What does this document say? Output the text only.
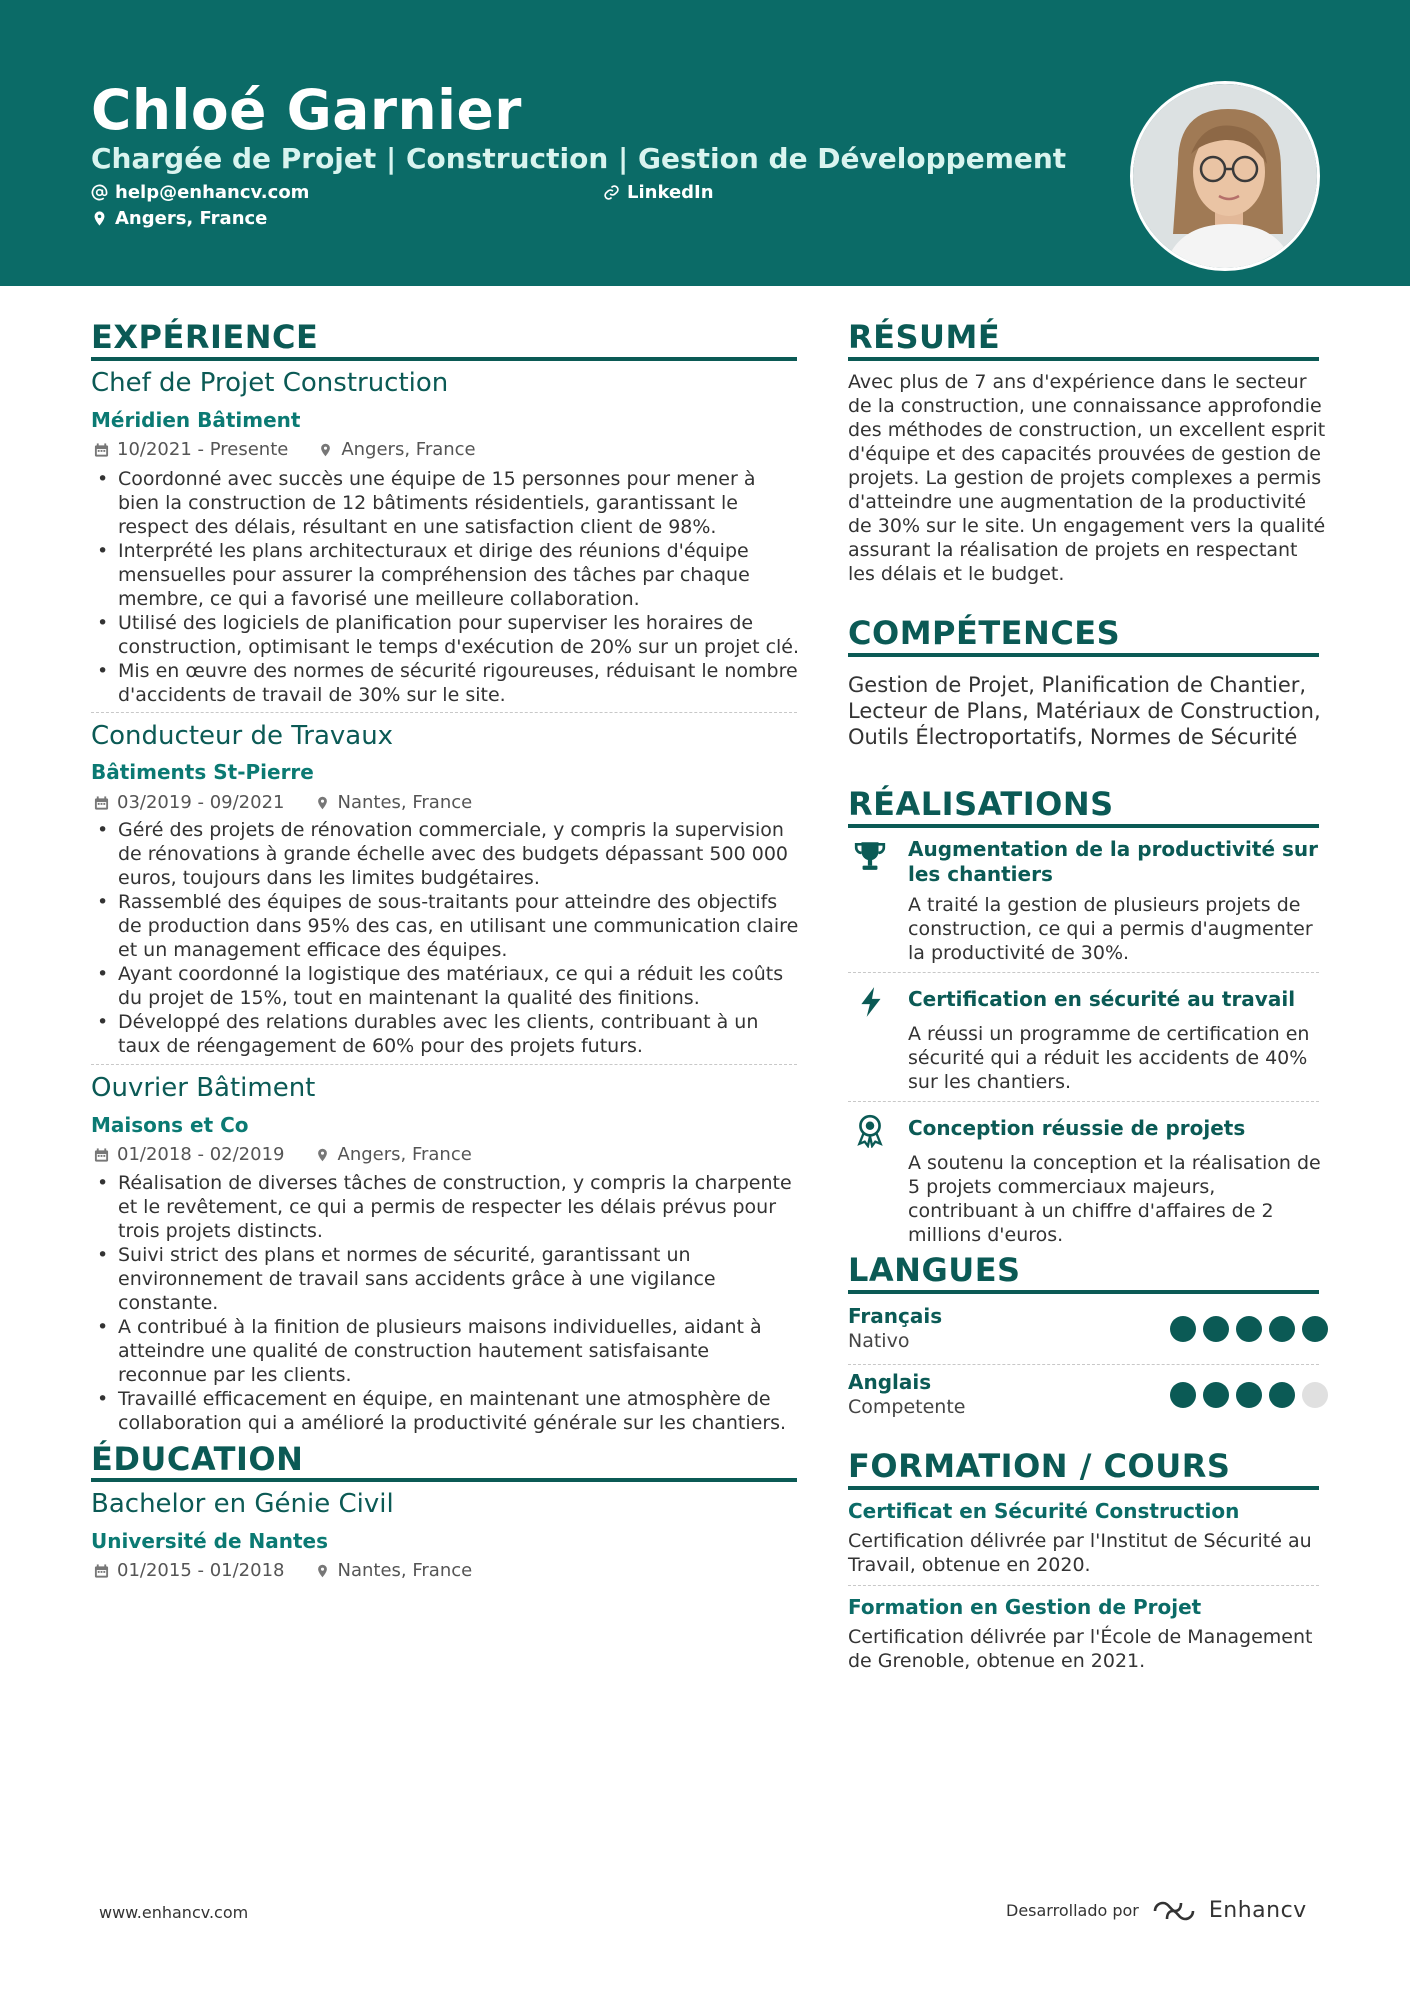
Chloé Garnier
Chargée de Projet | Construction | Gestion de Développement
help@enhancv.com	LinkedIn
Angers, France
EXPÉRIENCE
Chef de Projet Construction
Méridien Bâtiment
10/2021 - Presente	Angers, France
• Coordonné avec succès une équipe de 15 personnes pour mener à bien la construction de 12 bâtiments résidentiels, garantissant le respect des délais, résultant en une satisfaction client de 98%.
• Interprété les plans architecturaux et dirige des réunions d'équipe mensuelles pour assurer la compréhension des tâches par chaque membre, ce qui a favorisé une meilleure collaboration.
• Utilisé des logiciels de planification pour superviser les horaires de construction, optimisant le temps d'exécution de 20% sur un projet clé.
• Mis en œuvre des normes de sécurité rigoureuses, réduisant le nombre d'accidents de travail de 30% sur le site.
Conducteur de Travaux
Bâtiments St-Pierre
03/2019 - 09/2021	Nantes, France
• Géré des projets de rénovation commerciale, y compris la supervision de rénovations à grande échelle avec des budgets dépassant 500 000 euros, toujours dans les limites budgétaires.
• Rassemblé des équipes de sous-traitants pour atteindre des objectifs de production dans 95% des cas, en utilisant une communication claire et un management efficace des équipes.
• Ayant coordonné la logistique des matériaux, ce qui a réduit les coûts du projet de 15%, tout en maintenant la qualité des finitions.
• Développé des relations durables avec les clients, contribuant à un taux de réengagement de 60% pour des projets futurs.
Ouvrier Bâtiment
Maisons et Co
01/2018 - 02/2019	Angers, France
• Réalisation de diverses tâches de construction, y compris la charpente et le revêtement, ce qui a permis de respecter les délais prévus pour trois projets distincts.
• Suivi strict des plans et normes de sécurité, garantissant un environnement de travail sans accidents grâce à une vigilance constante.
• A contribué à la finition de plusieurs maisons individuelles, aidant à atteindre une qualité de construction hautement satisfaisante reconnue par les clients.
• Travaillé efficacement en équipe, en maintenant une atmosphère de collaboration qui a amélioré la productivité générale sur les chantiers.
ÉDUCATION
Bachelor en Génie Civil
Université de Nantes
01/2015 - 01/2018	Nantes, France
RÉSUMÉ
Avec plus de 7 ans d'expérience dans le secteur de la construction, une connaissance approfondie des méthodes de construction, un excellent esprit d'équipe et des capacités prouvées de gestion de projets. La gestion de projets complexes a permis d'atteindre une augmentation de la productivité de 30% sur le site. Un engagement vers la qualité assurant la réalisation de projets en respectant les délais et le budget.
COMPÉTENCES
Gestion de Projet, Planification de Chantier, Lecteur de Plans, Matériaux de Construction, Outils Électroportatifs, Normes de Sécurité
RÉALISATIONS
Augmentation de la productivité sur les chantiers
A traité la gestion de plusieurs projets de construction, ce qui a permis d'augmenter la productivité de 30%.
Certification en sécurité au travail
A réussi un programme de certification en sécurité qui a réduit les accidents de 40% sur les chantiers.
Conception réussie de projets
A soutenu la conception et la réalisation de 5 projets commerciaux majeurs, contribuant à un chiffre d'affaires de 2 millions d'euros.
LANGUES
Français
Nativo
Anglais
Competente
FORMATION / COURS
Certificat en Sécurité Construction
Certification délivrée par l'Institut de Sécurité au Travail, obtenue en 2020.
Formation en Gestion de Projet
Certification délivrée par l'École de Management de Grenoble, obtenue en 2021.
www.enhancv.com	Desarrollado por	Enhancv
